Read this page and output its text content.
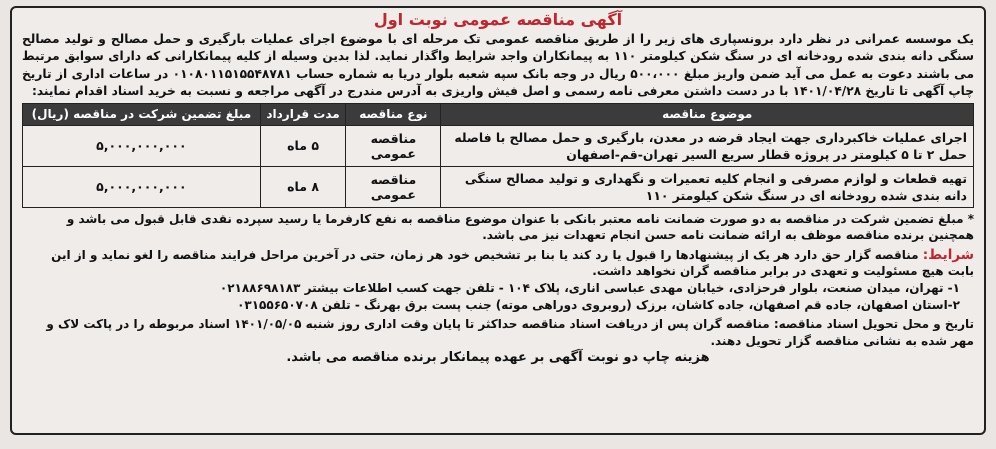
آگهی مناقصه عمومی نوبت اول
یک موسسه عمرانی در نظر دارد برونسپاری های زیر را از طریق مناقصه عمومی تک مرحله ای با موضوع اجرای عملیات بارگیری و حمل مصالح و تولید مصالح سنگی دانه بندی شده رودخانه ای در سنگ شکن کیلومتر ۱۱۰ به پیمانکاران واجد شرایط واگذار نماید. لذا بدین وسیله از کلیه پیمانکارانی که دارای سوابق مرتبط می باشند دعوت به عمل می آید ضمن واریز مبلغ ۵۰۰،۰۰۰ ریال در وجه بانک سپه شعبه بلوار دریا به شماره حساب ۰۱۰۸۰۱۱۵۱۵۵۴۸۷۸۱ در ساعات اداری از تاریخ چاپ آگهی تا تاریخ ۱۴۰۱/۰۴/۲۸ با در دست داشتن معرفی نامه رسمی و اصل فیش واریزی به آدرس مندرج در آگهی مراجعه و نسبت به خرید اسناد اقدام نمایند:
موضوع مناقصه	نوع مناقصه	مدت قرارداد	مبلغ تضمین شرکت در مناقصه (ریال)
اجرای عملیات خاکبرداری جهت ایجاد قرضه در معدن، بارگیری و حمل مصالح با فاصله حمل ۲ تا ۵ کیلومتر در پروژه قطار سریع السیر تهران-قم-اصفهان	مناقصه عمومی	۵ ماه	۵,۰۰۰,۰۰۰,۰۰۰
تهیه قطعات و لوازم مصرفی و انجام کلیه تعمیرات و نگهداری و تولید مصالح سنگی دانه بندی شده رودخانه ای در سنگ شکن کیلومتر ۱۱۰	مناقصه عمومی	۸ ماه	۵,۰۰۰,۰۰۰,۰۰۰
* مبلغ تضمین شرکت در مناقصه به دو صورت ضمانت نامه معتبر بانکی با عنوان موضوع مناقصه به نفع کارفرما یا رسید سپرده نقدی قابل قبول می باشد و همچنین برنده مناقصه موظف به ارائه ضمانت نامه حسن انجام تعهدات نیز می باشد.
شرایط: مناقصه گزار حق دارد هر یک از پیشنهادها را قبول یا رد کند یا بنا بر تشخیص خود هر زمان، حتی در آخرین مراحل فرایند مناقصه را لغو نماید و از این بابت هیچ مسئولیت و تعهدی در برابر مناقصه گران نخواهد داشت.
۱- تهران، میدان صنعت، بلوار فرحزادی، خیابان مهدی عباسی اناری، پلاک ۱۰۴ - تلفن جهت کسب اطلاعات بیشتر ۰۲۱۸۸۶۹۸۱۸۳
۲-استان اصفهان، جاده قم اصفهان، جاده کاشان، برزک (روبروی دوراهی موته) جنب پست برق بهرنگ - تلفن ۰۳۱۵۵۶۵۰۷۰۸
تاریخ و محل تحویل اسناد مناقصه: مناقصه گران پس از دریافت اسناد مناقصه حداکثر تا پایان وقت اداری روز شنبه ۱۴۰۱/۰۵/۰۵ اسناد مربوطه را در پاکت لاک و مهر شده به نشانی مناقصه گزار تحویل دهند.
هزینه چاپ دو نوبت آگهی بر عهده پیمانکار برنده مناقصه می باشد.
